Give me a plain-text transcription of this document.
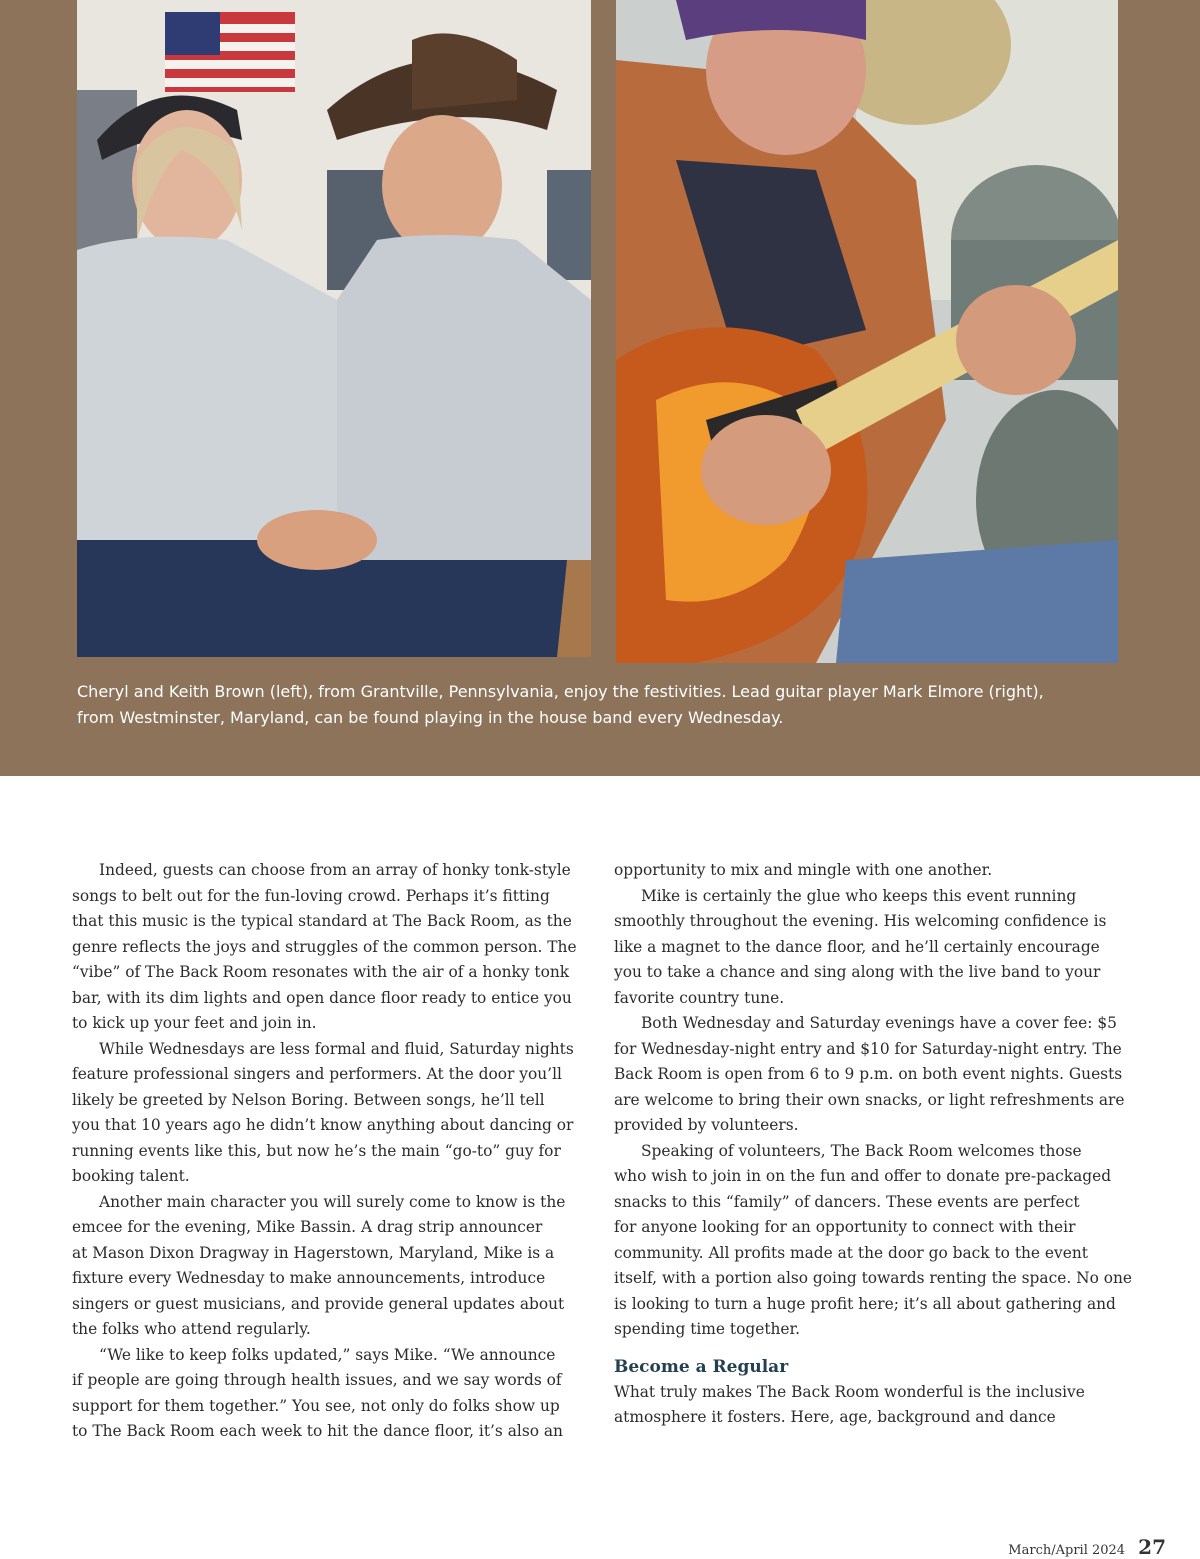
Cheryl and Keith Brown (left), from Grantville, Pennsylvania, enjoy the festivities. Lead guitar player Mark Elmore (right),

from Westminster, Maryland, can be found playing in the house band every Wednesday.

Indeed, guests can choose from an array of honky tonk-style

songs to belt out for the fun-loving crowd. Perhaps it’s fitting

that this music is the typical standard at The Back Room, as the

genre reflects the joys and struggles of the common person. The

“vibe” of The Back Room resonates with the air of a honky tonk

bar, with its dim lights and open dance floor ready to entice you

to kick up your feet and join in.

While Wednesdays are less formal and fluid, Saturday nights

feature professional singers and performers. At the door you’ll

likely be greeted by Nelson Boring. Between songs, he’ll tell

you that 10 years ago he didn’t know anything about dancing or

running events like this, but now he’s the main “go-to” guy for

booking talent.

Another main character you will surely come to know is the

emcee for the evening, Mike Bassin. A drag strip announcer

at Mason Dixon Dragway in Hagerstown, Maryland, Mike is a

fixture every Wednesday to make announcements, introduce

singers or guest musicians, and provide general updates about

the folks who attend regularly.

“We like to keep folks updated,” says Mike. “We announce

if people are going through health issues, and we say words of

support for them together.” You see, not only do folks show up

to The Back Room each week to hit the dance floor, it’s also an

opportunity to mix and mingle with one another.

Mike is certainly the glue who keeps this event running

smoothly throughout the evening. His welcoming confidence is

like a magnet to the dance floor, and he’ll certainly encourage

you to take a chance and sing along with the live band to your

favorite country tune.

Both Wednesday and Saturday evenings have a cover fee: $5

for Wednesday-night entry and $10 for Saturday-night entry. The

Back Room is open from 6 to 9 p.m. on both event nights. Guests

are welcome to bring their own snacks, or light refreshments are

provided by volunteers.

Speaking of volunteers, The Back Room welcomes those

who wish to join in on the fun and offer to donate pre-packaged

snacks to this “family” of dancers. These events are perfect

for anyone looking for an opportunity to connect with their

community. All profits made at the door go back to the event

itself, with a portion also going towards renting the space. No one

is looking to turn a huge profit here; it’s all about gathering and

spending time together.

Become a Regular

What truly makes The Back Room wonderful is the inclusive

atmosphere it fosters. Here, age, background and dance

March/April 2024 27
